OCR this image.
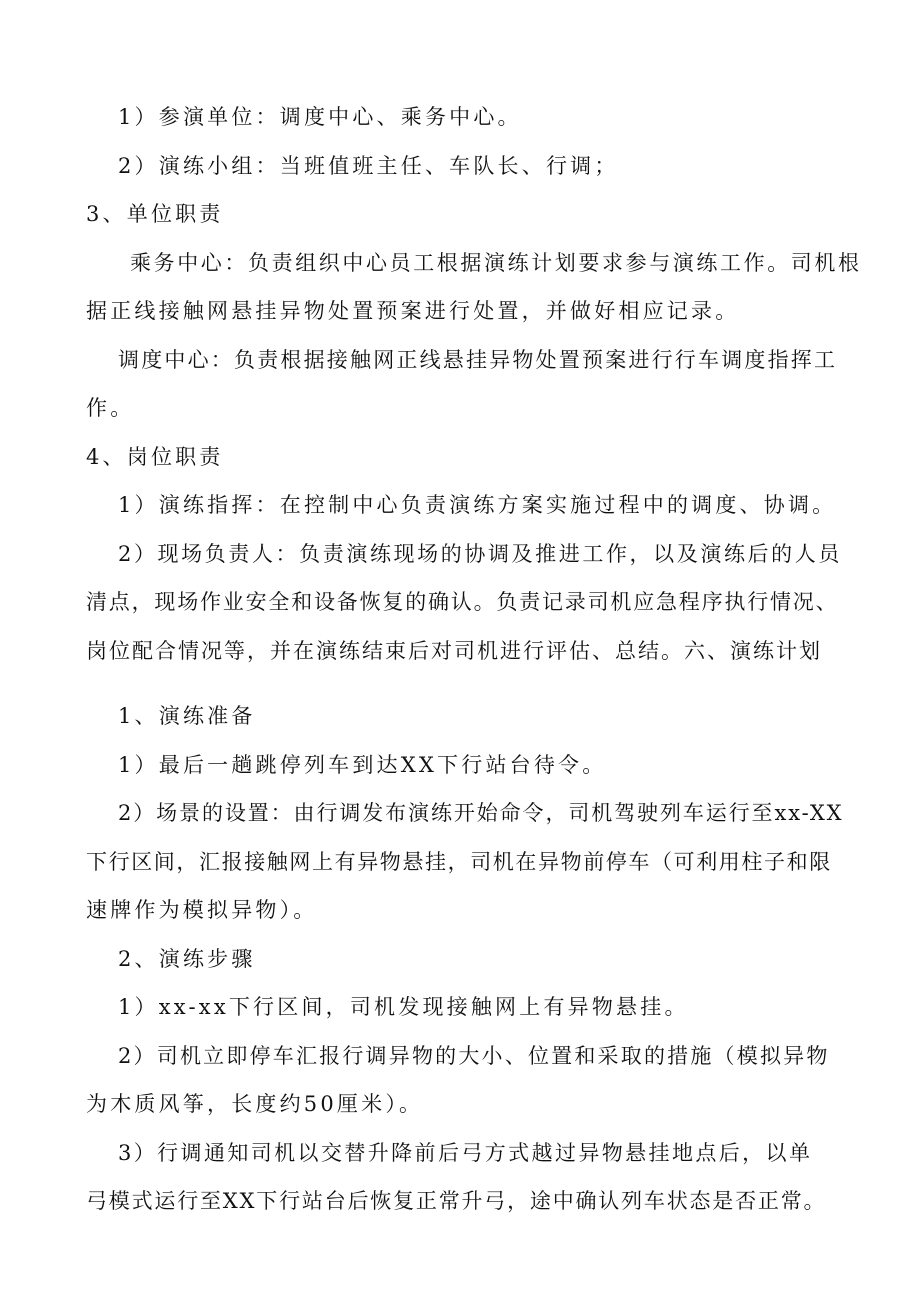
1）参演单位：调度中心、乘务中心。
2）演练小组：当班值班主任、车队长、行调；
3、单位职责
乘务中心：负责组织中心员工根据演练计划要求参与演练工作。司机根
据正线接触网悬挂异物处置预案进行处置，并做好相应记录。
调度中心：负责根据接触网正线悬挂异物处置预案进行行车调度指挥工
作。
4、岗位职责
1）演练指挥：在控制中心负责演练方案实施过程中的调度、协调。
2）现场负责人：负责演练现场的协调及推进工作，以及演练后的人员
清点，现场作业安全和设备恢复的确认。负责记录司机应急程序执行情况、
岗位配合情况等，并在演练结束后对司机进行评估、总结。六、演练计划
1、演练准备
1）最后一趟跳停列车到达XX下行站台待令。
2）场景的设置：由行调发布演练开始命令，司机驾驶列车运行至xx-XX
下行区间，汇报接触网上有异物悬挂，司机在异物前停车（可利用柱子和限
速牌作为模拟异物）。
2、演练步骤
1）xx-xx下行区间，司机发现接触网上有异物悬挂。
2）司机立即停车汇报行调异物的大小、位置和采取的措施（模拟异物
为木质风筝，长度约50厘米）。
3）行调通知司机以交替升降前后弓方式越过异物悬挂地点后，以单
弓模式运行至XX下行站台后恢复正常升弓，途中确认列车状态是否正常。
